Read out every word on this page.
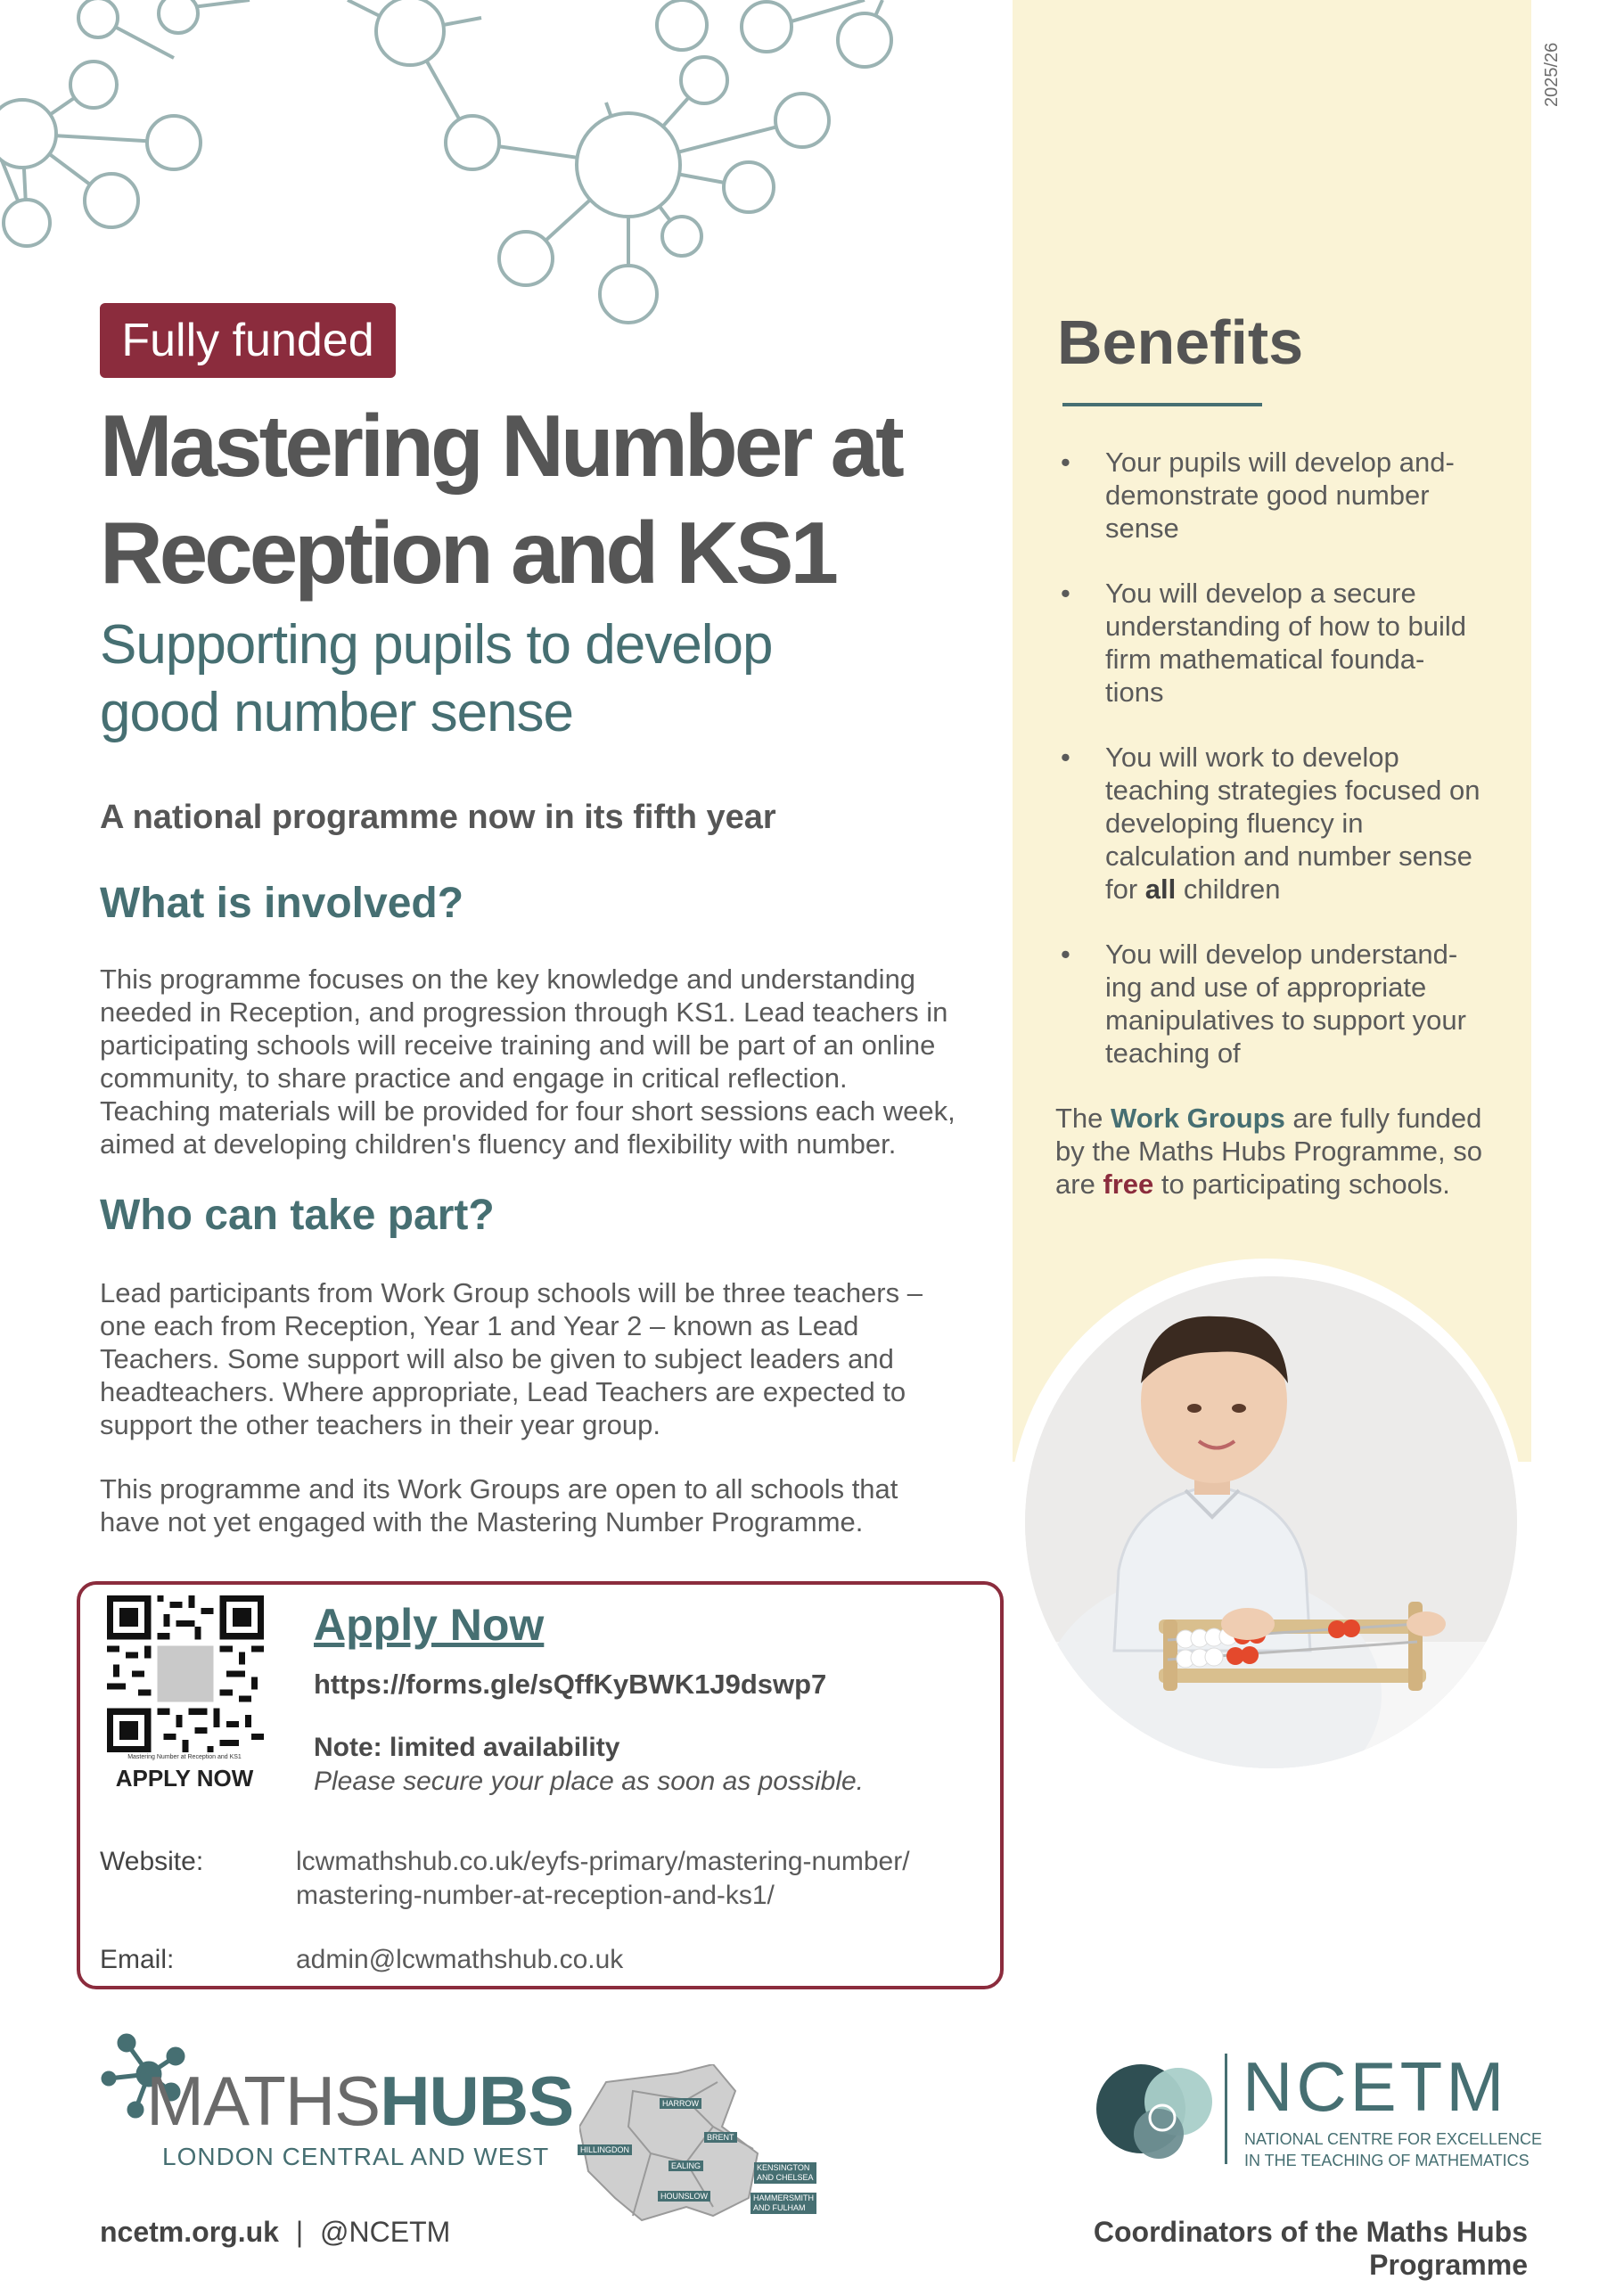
2025/26
Fully funded
Mastering Number at
Reception and KS1
Supporting pupils to develop
good number sense
A national programme now in its fifth year
What is involved?
This programme focuses on the key knowledge and understanding needed in Reception, and progression through KS1. Lead teachers in participating schools will receive training and will be part of an online community, to share practice and engage in critical reflection. Teaching materials will be provided for four short sessions each week, aimed at developing children's fluency and flexibility with number.
Who can take part?
Lead participants from Work Group schools will be three teachers – one each from Reception, Year 1 and Year 2 – known as Lead Teachers. Some support will also be given to subject leaders and headteachers. Where appropriate, Lead Teachers are expected to support the other teachers in their year group.
This programme and its Work Groups are open to all schools that have not yet engaged with the Mastering Number Programme.
Benefits
• Your pupils will develop and- demonstrate good number sense
• You will develop a secure understanding of how to build firm mathematical founda- tions
• You will work to develop teaching strategies focused on developing fluency in calculation and number sense for all children
• You will develop understand- ing and use of appropriate manipulatives to support your teaching of
The Work Groups are fully funded by the Maths Hubs Programme, so are free to participating schools.
Mastering Number at Reception and KS1
APPLY NOW
Apply Now
https://forms.gle/sQffKyBWK1J9dswp7
Note: limited availability
Please secure your place as soon as possible.
Website:	lcwmathshub.co.uk/eyfs-primary/mastering-number/
mastering-number-at-reception-and-ks1/
Email:	admin@lcwmathshub.co.uk
MATHSHUBS
LONDON CENTRAL AND WEST
HARROW
BRENT
HILLINGDON
EALING	KENSINGTON
AND CHELSEA
HOUNSLOW	HAMMERSMITH
AND FULHAM
NCETM
NATIONAL CENTRE FOR EXCELLENCE
IN THE TEACHING OF MATHEMATICS
ncetm.org.uk | @NCETM	Coordinators of the Maths Hubs Programme
